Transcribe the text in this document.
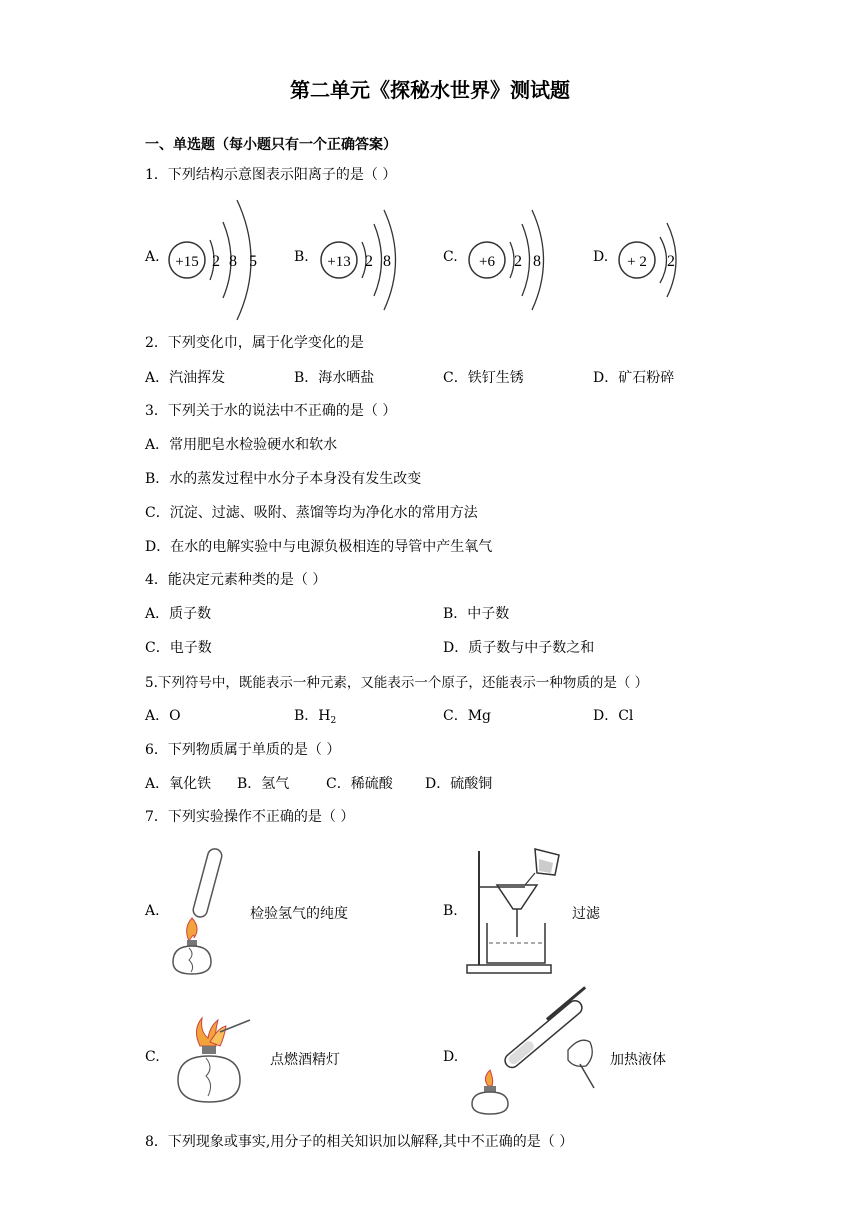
第二单元《探秘水世界》测试题
一、单选题（每小题只有一个正确答案）
1．下列结构示意图表示阳离子的是（ ）
A. +15 2 8 5	B. +13 2 8	C. +6 2 8	D. + 2 2
2．下列变化巾，属于化学变化的是
A．汽油挥发	B．海水晒盐	C．铁钉生锈	D．矿石粉碎
3．下列关于水的说法中不正确的是（ ）
A．常用肥皂水检验硬水和软水
B．水的蒸发过程中水分子本身没有发生改变
C．沉淀、过滤、吸附、蒸馏等均为净化水的常用方法
D．在水的电解实验中与电源负极相连的导管中产生氧气
4．能决定元素种类的是（ ）
A．质子数	B．中子数
C．电子数	D．质子数与中子数之和
5.下列符号中，既能表示一种元素，又能表示一个原子，还能表示一种物质的是（ ）
A．O	B．$H_2$	C．Mg	D．Cl
6．下列物质属于单质的是（ ）
A．氧化铁 B．氢气	C．稀硫酸 D．硫酸铜
7．下列实验操作不正确的是（ ）
A.	检验氢气的纯度	B.	过滤
C.	点燃酒精灯	D.	加热液体
8．下列现象或事实,用分子的相关知识加以解释,其中不正确的是（ ）
